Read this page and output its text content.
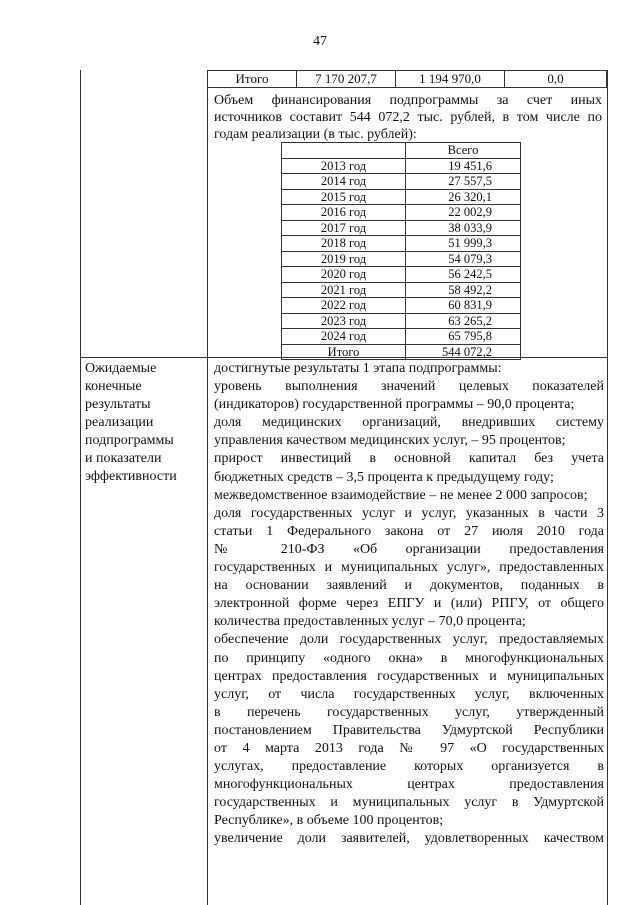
47
Итого	7 170 207,7	1 194 970,0	0,0
Объем финансирования подпрограммы за счет иных
источников составит 544 072,2 тыс. рублей, в том числе по
годам реализации (в тыс. рублей):
	Всего
2013 год	19 451,6
2014 год	27 557,5
2015 год	26 320,1
2016 год	22 002,9
2017 год	38 033,9
2018 год	51 999,3
2019 год	54 079,3
2020 год	56 242,5
2021 год	58 492,2
2022 год	60 831,9
2023 год	63 265,2
2024 год	65 795,8
Итого	544 072,2
Ожидаемые
конечные
результаты
реализации
подпрограммы
и показатели
эффективности
достигнутые результаты 1 этапа подпрограммы:
уровень выполнения значений целевых показателей
(индикаторов) государственной программы – 90,0 процента;
доля медицинских организаций, внедривших систему
управления качеством медицинских услуг, – 95 процентов;
прирост инвестиций в основной капитал без учета
бюджетных средств – 3,5 процента к предыдущему году;
межведомственное взаимодействие – не менее 2 000 запросов;
доля государственных услуг и услуг, указанных в части 3
статьи 1 Федерального закона от 27 июля 2010 года
№ 210-ФЗ «Об организации предоставления
государственных и муниципальных услуг», предоставленных
на основании заявлений и документов, поданных в
электронной форме через ЕПГУ и (или) РПГУ, от общего
количества предоставленных услуг – 70,0 процента;
обеспечение доли государственных услуг, предоставляемых
по принципу «одного окна» в многофункциональных
центрах предоставления государственных и муниципальных
услуг, от числа государственных услуг, включенных
в перечень государственных услуг, утвержденный
постановлением Правительства Удмуртской Республики
от 4 марта 2013 года № 97 «О государственных
услугах, предоставление которых организуется в
многофункциональных центрах предоставления
государственных и муниципальных услуг в Удмуртской
Республике», в объеме 100 процентов;
увеличение доли заявителей, удовлетворенных качеством
